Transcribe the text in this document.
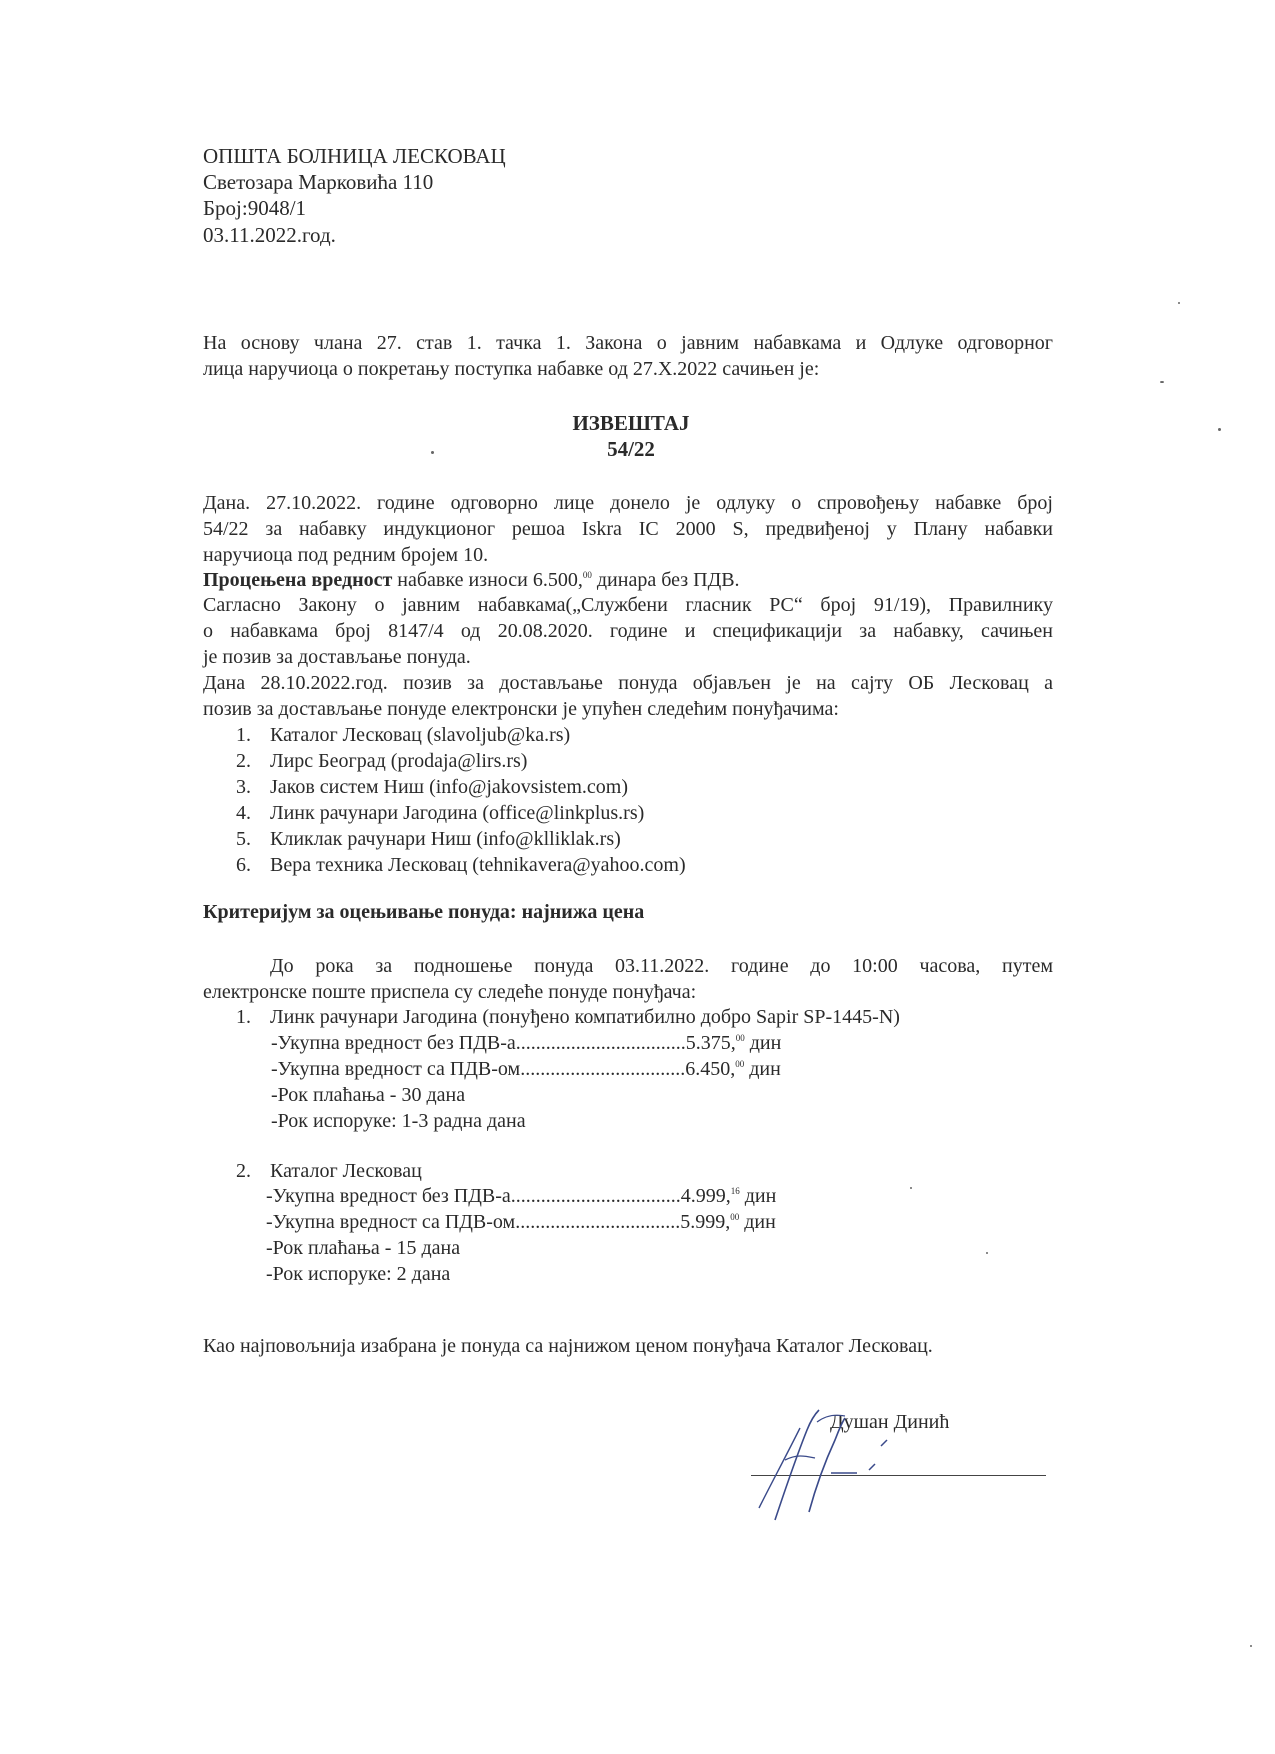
ОПШТА БОЛНИЦА ЛЕСКОВАЦ
Светозара Марковића 110
Број:9048/1
03.11.2022.год.
На основу члана 27. став 1. тачка 1. Закона о јавним набавкама и Одлуке одговорног
лица наручиоца о покретању поступка набавке од 27.X.2022 сачињен је:
ИЗВЕШТАЈ
54/22
Дана. 27.10.2022. године одговорно лице донело је одлуку о спровођењу набавке број
54/22 за набавку индукционог решоа Iskra IC 2000 S, предвиђеној у Плану набавки
наручиоца под редним бројем 10.
Процењена вредност набавке износи 6.500,00 динара без ПДВ.
Сагласно Закону о јавним набавкама(„Службени гласник РС“ број 91/19), Правилнику
о набавкама број 8147/4 од 20.08.2020. године и спецификацији за набавку, сачињен
је позив за достављање понуда.
Дана 28.10.2022.год. позив за достављање понуда објављен је на сајту ОБ Лесковац а
позив за достављање понуде електронски је упућен следећим понуђачима:
1. Каталог Лесковац (slavoljub@ka.rs)
2. Лирс Београд (prodaja@lirs.rs)
3. Јаков систем Ниш (info@jakovsistem.com)
4. Линк рачунари Јагодина (office@linkplus.rs)
5. Кликлак рачунари Ниш (info@klliklak.rs)
6. Вера техника Лесковац (tehnikavera@yahoo.com)
Критеријум за оцењивање понуда: најнижа цена
До рока за подношење понуда 03.11.2022. године до 10:00 часова, путем
електронске поште приспела су следеће понуде понуђача:
1. Линк рачунари Јагодина (понуђено компатибилно добро Sapir SP-1445-N)
-Укупна вредност без ПДВ-а..................................5.375,00 дин
-Укупна вредност са ПДВ-ом.................................6.450,00 дин
-Рок плаћања - 30 дана
-Рок испоруке: 1-3 радна дана
2. Каталог Лесковац
-Укупна вредност без ПДВ-а..................................4.999,16 дин
-Укупна вредност са ПДВ-ом.................................5.999,00 дин
-Рок плаћања - 15 дана
-Рок испоруке: 2 дана
Као најповољнија изабрана је понуда са најнижом ценом понуђача Каталог Лесковац.
Душан Динић
